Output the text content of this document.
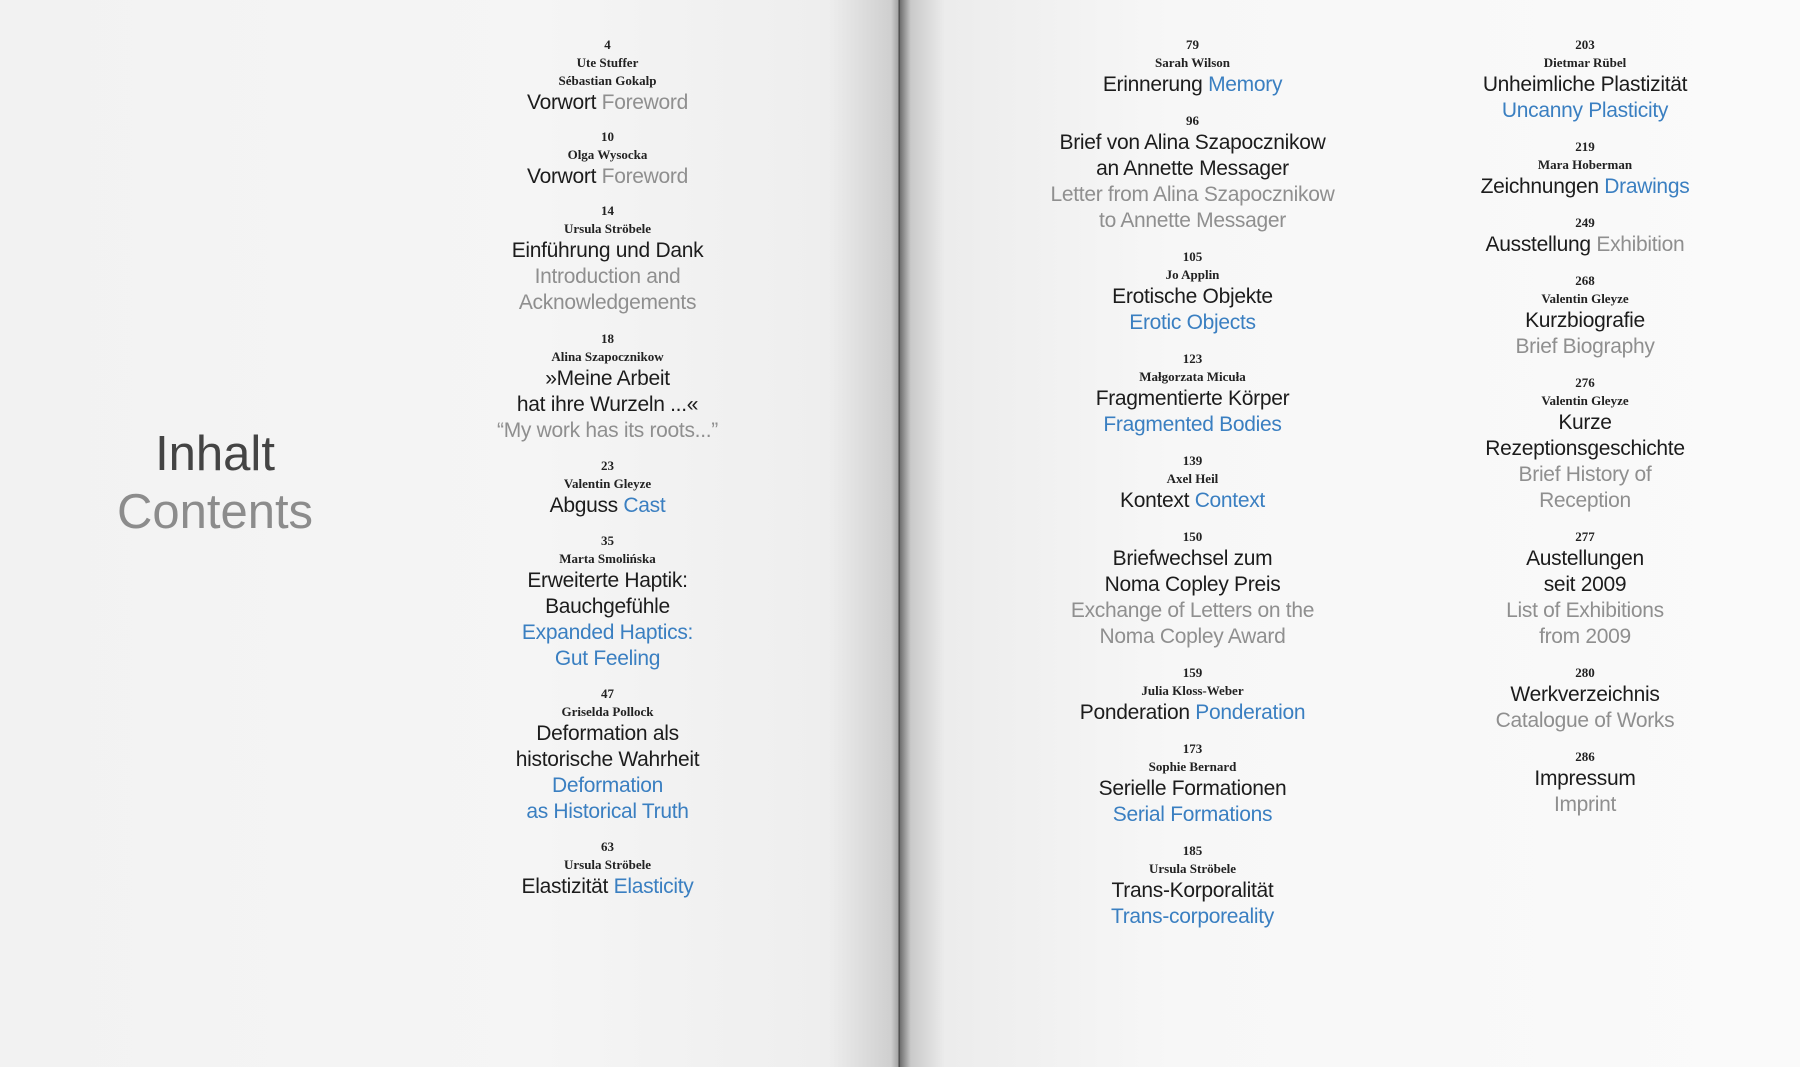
Inhalt
Contents
4
Ute Stuffer
Sébastian Gokalp
Vorwort Foreword
10
Olga Wysocka
Vorwort Foreword
14
Ursula Ströbele
Einführung und Dank
Introduction and
Acknowledgements
18
Alina Szapocznikow
»Meine Arbeit
hat ihre Wurzeln ...«
“My work has its roots...”
23
Valentin Gleyze
Abguss Cast
35
Marta Smolińska
Erweiterte Haptik:
Bauchgefühle
Expanded Haptics:
Gut Feeling
47
Griselda Pollock
Deformation als
historische Wahrheit
Deformation
as Historical Truth
63
Ursula Ströbele
Elastizität Elasticity
79
Sarah Wilson
Erinnerung Memory
96
Brief von Alina Szapocznikow
an Annette Messager
Letter from Alina Szapocznikow
to Annette Messager
105
Jo Applin
Erotische Objekte
Erotic Objects
123
Małgorzata Micuła
Fragmentierte Körper
Fragmented Bodies
139
Axel Heil
Kontext Context
150
Briefwechsel zum
Noma Copley Preis
Exchange of Letters on the
Noma Copley Award
159
Julia Kloss-Weber
Ponderation Ponderation
173
Sophie Bernard
Serielle Formationen
Serial Formations
185
Ursula Ströbele
Trans-Korporalität
Trans-corporeality
203
Dietmar Rübel
Unheimliche Plastizität
Uncanny Plasticity
219
Mara Hoberman
Zeichnungen Drawings
249
Ausstellung Exhibition
268
Valentin Gleyze
Kurzbiografie
Brief Biography
276
Valentin Gleyze
Kurze
Rezeptionsgeschichte
Brief History of
Reception
277
Austellungen
seit 2009
List of Exhibitions
from 2009
280
Werkverzeichnis
Catalogue of Works
286
Impressum
Imprint
